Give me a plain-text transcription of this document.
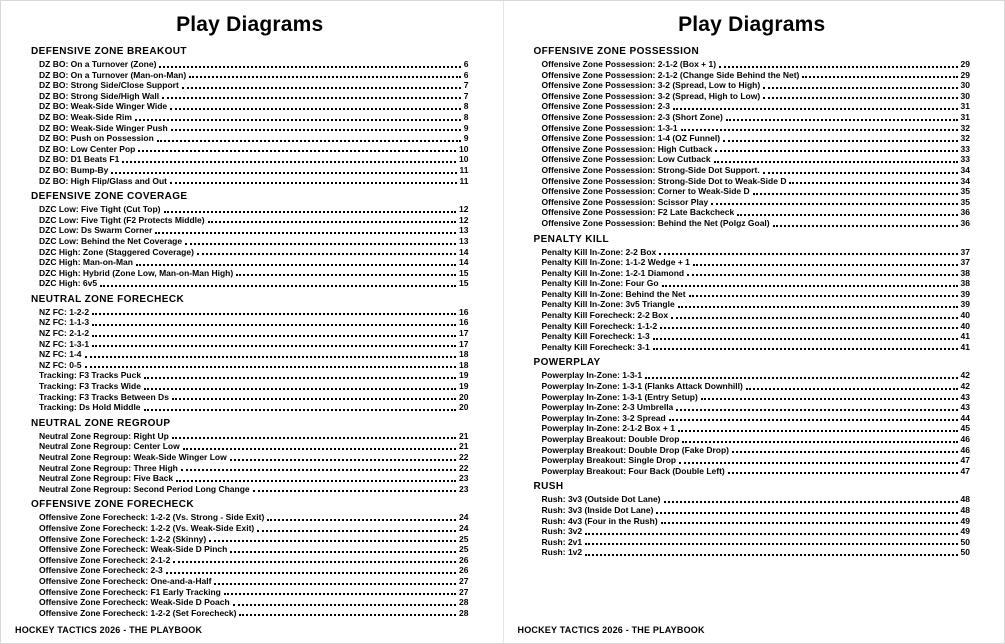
Play Diagrams
DEFENSIVE ZONE BREAKOUT
DZ BO: On a Turnover (Zone)	6
DZ BO: On a Turnover (Man-on-Man)	6
DZ BO: Strong Side/Close Support	7
DZ BO: Strong Side/High Wall	7
DZ BO: Weak-Side Winger Wide	8
DZ BO: Weak-Side Rim	8
DZ BO: Weak-Side Winger Push	9
DZ BO: Push on Possession	9
DZ BO: Low Center Pop	10
DZ BO: D1 Beats F1	10
DZ BO: Bump-By	11
DZ BO: High Flip/Glass and Out	11
DEFENSIVE ZONE COVERAGE
DZC Low: Five Tight (Cut Top)	12
DZC Low: Five Tight (F2 Protects Middle)	12
DZC Low: Ds Swarm Corner	13
DZC Low: Behind the Net Coverage	13
DZC High: Zone (Staggered Coverage)	14
DZC High: Man-on-Man	14
DZC High: Hybrid (Zone Low, Man-on-Man High)	15
DZC High: 6v5	15
NEUTRAL ZONE FORECHECK
NZ FC: 1-2-2	16
NZ FC: 1-1-3	16
NZ FC: 2-1-2	17
NZ FC: 1-3-1	17
NZ FC: 1-4	18
NZ FC: 0-5	18
Tracking: F3 Tracks Puck	19
Tracking: F3 Tracks Wide	19
Tracking: F3 Tracks Between Ds	20
Tracking: Ds Hold Middle	20
NEUTRAL ZONE REGROUP
Neutral Zone Regroup: Right Up	21
Neutral Zone Regroup: Center Low	21
Neutral Zone Regroup: Weak-Side Winger Low	22
Neutral Zone Regroup: Three High	22
Neutral Zone Regroup: Five Back	23
Neutral Zone Regroup: Second Period Long Change	23
OFFENSIVE ZONE FORECHECK
Offensive Zone Forecheck: 1-2-2 (Vs. Strong - Side Exit)	24
Offensive Zone Forecheck: 1-2-2 (Vs. Weak-Side Exit)	24
Offensive Zone Forecheck: 1-2-2 (Skinny)	25
Offensive Zone Forecheck: Weak-Side D Pinch	25
Offensive Zone Forecheck: 2-1-2	26
Offensive Zone Forecheck: 2-3	26
Offensive Zone Forecheck: One-and-a-Half	27
Offensive Zone Forecheck: F1 Early Tracking	27
Offensive Zone Forecheck: Weak-Side D Poach	28
Offensive Zone Forecheck: 1-2-2 (Set Forecheck)	28
HOCKEY TACTICS 2026 - THE PLAYBOOK
Play Diagrams
OFFENSIVE ZONE POSSESSION
Offensive Zone Possession: 2-1-2 (Box + 1)	29
Offensive Zone Possession: 2-1-2 (Change Side Behind the Net)	29
Offensive Zone Possession: 3-2 (Spread, Low to High)	30
Offensive Zone Possession: 3-2 (Spread, High to Low)	30
Offensive Zone Possession: 2-3	31
Offensive Zone Possession: 2-3 (Short Zone)	31
Offensive Zone Possession: 1-3-1	32
Offensive Zone Possession: 1-4 (OZ Funnel)	32
Offensive Zone Possession: High Cutback	33
Offensive Zone Possession: Low Cutback	33
Offensive Zone Possession: Strong-Side Dot Support.	34
Offensive Zone Possession: Strong-Side Dot to Weak-Side D	34
Offensive Zone Possession: Corner to Weak-Side D	35
Offensive Zone Possession: Scissor Play	35
Offensive Zone Possession: F2 Late Backcheck	36
Offensive Zone Possession: Behind the Net (Polgz Goal)	36
PENALTY KILL
Penalty Kill In-Zone: 2-2 Box	37
Penalty Kill In-Zone: 1-1-2 Wedge + 1	37
Penalty Kill In-Zone: 1-2-1 Diamond	38
Penalty Kill In-Zone: Four Go	38
Penalty Kill In-Zone: Behind the Net	39
Penalty Kill In-Zone: 3v5 Triangle	39
Penalty Kill Forecheck: 2-2 Box	40
Penalty Kill Forecheck: 1-1-2	40
Penalty Kill Forecheck: 1-3	41
Penalty Kill Forecheck: 3-1	41
POWERPLAY
Powerplay In-Zone: 1-3-1	42
Powerplay In-Zone: 1-3-1 (Flanks Attack Downhill)	42
Powerplay In-Zone: 1-3-1 (Entry Setup)	43
Powerplay In-Zone: 2-3 Umbrella	43
Powerplay In-Zone: 3-2 Spread	44
Powerplay In-Zone: 2-1-2 Box + 1	45
Powerplay Breakout: Double Drop	46
Powerplay Breakout: Double Drop (Fake Drop)	46
Powerplay Breakout: Single Drop	47
Powerplay Breakout: Four Back (Double Left)	47
RUSH
Rush: 3v3 (Outside Dot Lane)	48
Rush: 3v3 (Inside Dot Lane)	48
Rush: 4v3 (Four in the Rush)	49
Rush: 3v2	49
Rush: 2v1	50
Rush: 1v2	50
HOCKEY TACTICS 2026 - THE PLAYBOOK
